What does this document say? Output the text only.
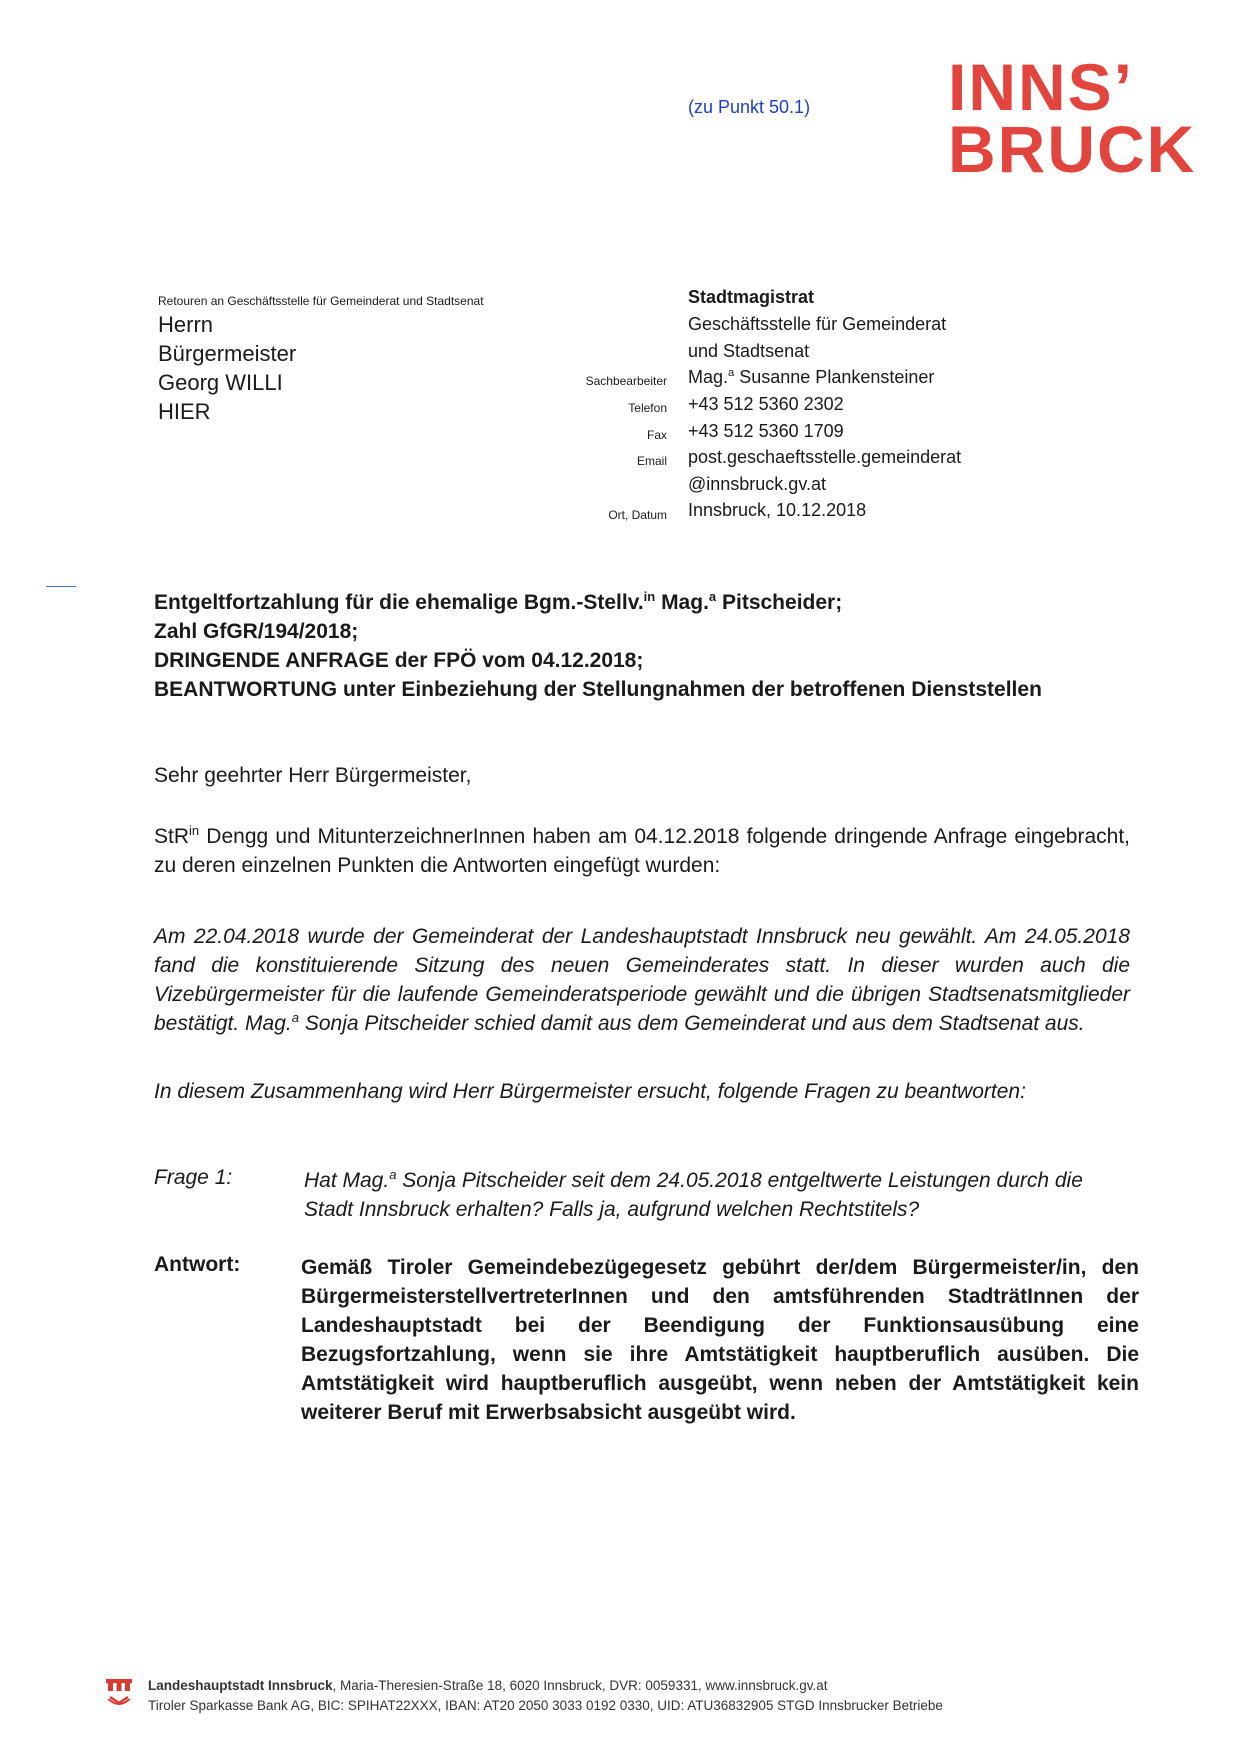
(zu Punkt 50.1) INNS’
BRUCK
Retouren an Geschäftsstelle für Gemeinderat und Stadtsenat
Herrn
Bürgermeister
Georg WILLI
HIER
Stadtmagistrat
Geschäftsstelle für Gemeinderat
und Stadtsenat
Sachbearbeiter Mag.$^a$ Susanne Plankensteiner
Telefon +43 512 5360 2302
Fax +43 512 5360 1709
Email post.geschaeftsstelle.gemeinderat
@innsbruck.gv.at
Ort, Datum Innsbruck, 10.12.2018
Entgeltfortzahlung für die ehemalige Bgm.-Stellv.$^{in}$ Mag.$^a$ Pitscheider;
Zahl GfGR/194/2018;
DRINGENDE ANFRAGE der FPÖ vom 04.12.2018;
BEANTWORTUNG unter Einbeziehung der Stellungnahmen der betroffenen Dienststellen
Sehr geehrter Herr Bürgermeister,
StR$^{in}$ Dengg und MitunterzeichnerInnen haben am 04.12.2018 folgende dringende Anfrage eingebracht, zu deren einzelnen Punkten die Antworten eingefügt wurden:
Am 22.04.2018 wurde der Gemeinderat der Landeshauptstadt Innsbruck neu gewählt. Am 24.05.2018 fand die konstituierende Sitzung des neuen Gemeinderates statt. In dieser wurden auch die Vizebürgermeister für die laufende Gemeinderatsperiode gewählt und die übrigen Stadtsenatsmitglieder bestätigt. Mag.$^a$ Sonja Pitscheider schied damit aus dem Gemeinderat und aus dem Stadtsenat aus.
In diesem Zusammenhang wird Herr Bürgermeister ersucht, folgende Fragen zu beantworten:
Frage 1:	Hat Mag.$^a$ Sonja Pitscheider seit dem 24.05.2018 entgeltwerte Leistungen durch die Stadt Innsbruck erhalten? Falls ja, aufgrund welchen Rechtstitels?
Antwort:	Gemäß Tiroler Gemeindebezügegesetz gebührt der/dem Bürgermeister/in, den BürgermeisterstellvertreterInnen und den amtsführenden StadträtInnen der Landeshauptstadt bei der Beendigung der Funktionsausübung eine Bezugsfortzahlung, wenn sie ihre Amtstätigkeit hauptberuflich ausüben. Die Amtstätigkeit wird hauptberuflich ausgeübt, wenn neben der Amtstätigkeit kein weiterer Beruf mit Erwerbsabsicht ausgeübt wird.
Landeshauptstadt Innsbruck, Maria-Theresien-Straße 18, 6020 Innsbruck, DVR: 0059331, www.innsbruck.gv.at
Tiroler Sparkasse Bank AG, BIC: SPIHAT22XXX, IBAN: AT20 2050 3033 0192 0330, UID: ATU36832905 STGD Innsbrucker Betriebe
